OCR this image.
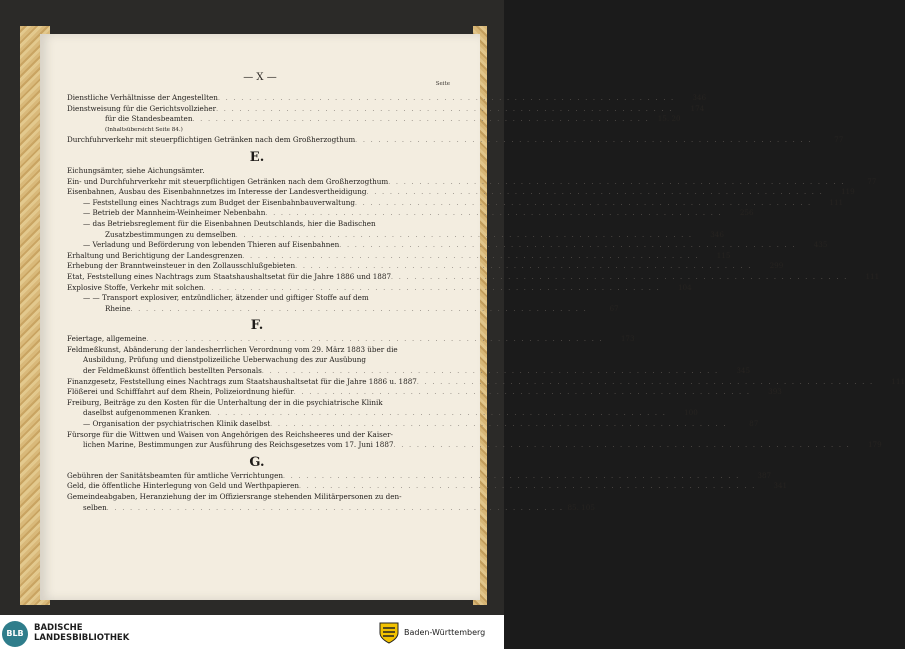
— X —
Seite
Dienstliche Verhältnisse der Angestellten . . . . . . . . . . . . . . . . . . . . . . . . . . . . . . . . . . . . . . . . . . . . . . . . . . . . . . . . . . .	346
Dienstweisung für die Gerichtsvollzieher . . . . . . . . . . . . . . . . . . . . . . . . . . . . . . . . . . . . . . . . . . . . . . . . . . . . . . . . . . .	174
für die Standesbeamten . . . . . . . . . . . . . . . . . . . . . . . . . . . . . . . . . . . . . . . . . . . . . . . . . . . . . . . . . . .	15. 20
(Inhaltsübersicht Seite 84.)
Durchfuhrverkehr mit steuerpflichtigen Getränken nach dem Großherzogthum . . . . . . . . . . . . . . . . . . . . . . . . . . . . . . . . . . . . . . . . . . . . . . . . . . . . . . . . . . .	77
E.
Eichungsämter, siehe Aichungsämter.
Ein- und Durchfuhrverkehr mit steuerpflichtigen Getränken nach dem Großherzogthum . . . . . . . . . . . . . . . . . . . . . . . . . . . . . . . . . . . . . . . . . . . . . . . . . . . . . . . . . . .	77
Eisenbahnen, Ausbau des Eisenbahnnetzes im Interesse der Landesvertheidigung . . . . . . . . . . . . . . . . . . . . . . . . . . . . . . . . . . . . . . . . . . . . . . . . . . . . . . . . . . .	119
— Feststellung eines Nachtrags zum Budget der Eisenbahnbauverwaltung . . . . . . . . . . . . . . . . . . . . . . . . . . . . . . . . . . . . . . . . . . . . . . . . . . . . . . . . . . .	111
— Betrieb der Mannheim-Weinheimer Nebenbahn . . . . . . . . . . . . . . . . . . . . . . . . . . . . . . . . . . . . . . . . . . . . . . . . . . . . . . . . . . .	256
— das Betriebsreglement für die Eisenbahnen Deutschlands, hier die Badischen
Zusatzbestimmungen zu demselben . . . . . . . . . . . . . . . . . . . . . . . . . . . . . . . . . . . . . . . . . . . . . . . . . . . . . . . . . . .	346
— Verladung und Beförderung von lebenden Thieren auf Eisenbahnen . . . . . . . . . . . . . . . . . . . . . . . . . . . . . . . . . . . . . . . . . . . . . . . . . . . . . . . . . . .	435
Erhaltung und Berichtigung der Landesgrenzen . . . . . . . . . . . . . . . . . . . . . . . . . . . . . . . . . . . . . . . . . . . . . . . . . . . . . . . . . . .	115
Erhebung der Branntweinsteuer in den Zollausschlußgebieten . . . . . . . . . . . . . . . . . . . . . . . . . . . . . . . . . . . . . . . . . . . . . . . . . . . . . . . . . . .	299
Etat, Feststellung eines Nachtrags zum Staatshaushaltsetat für die Jahre 1886 und 1887 . . . . . . . . . . . . . . . . . . . . . . . . . . . . . . . . . . . . . . . . . . . . . . . . . . . . . . . . . . .	111
Explosive Stoffe, Verkehr mit solchen . . . . . . . . . . . . . . . . . . . . . . . . . . . . . . . . . . . . . . . . . . . . . . . . . . . . . . . . . . .	104
— — Transport explosiver, entzündlicher, ätzender und giftiger Stoffe auf dem
Rheine . . . . . . . . . . . . . . . . . . . . . . . . . . . . . . . . . . . . . . . . . . . . . . . . . . . . . . . . . . .	67
F.
Feiertage, allgemeine . . . . . . . . . . . . . . . . . . . . . . . . . . . . . . . . . . . . . . . . . . . . . . . . . . . . . . . . . . .	173
Feldmeßkunst, Abänderung der landesherrlichen Verordnung vom 29. März 1883 über die
Ausbildung, Prüfung und dienstpolizeiliche Ueberwachung des zur Ausübung
der Feldmeßkunst öffentlich bestellten Personals . . . . . . . . . . . . . . . . . . . . . . . . . . . . . . . . . . . . . . . . . . . . . . . . . . . . . . . . . . .	345
Finanzgesetz, Feststellung eines Nachtrags zum Staatshaushaltsetat für die Jahre 1886 u. 1887 . . . . . . . . . . . . . . . . . . . . . . . . . . . . . . . . . . . . . . . . . . . . . . . . . . . . . . . . . . .	111
Flößerei und Schifffahrt auf dem Rhein, Polizeiordnung hiefür . . . . . . . . . . . . . . . . . . . . . . . . . . . . . . . . . . . . . . . . . . . . . . . . . . . . . . . . . . .	393
Freiburg, Beiträge zu den Kosten für die Unterhaltung der in die psychiatrische Klinik
daselbst aufgenommenen Kranken . . . . . . . . . . . . . . . . . . . . . . . . . . . . . . . . . . . . . . . . . . . . . . . . . . . . . . . . . . .	100
— Organisation der psychiatrischen Klinik daselbst . . . . . . . . . . . . . . . . . . . . . . . . . . . . . . . . . . . . . . . . . . . . . . . . . . . . . . . . . . .	87
Fürsorge für die Wittwen und Waisen von Angehörigen des Reichsheeres und der Kaiser-
lichen Marine, Bestimmungen zur Ausführung des Reichsgesetzes vom 17. Juni 1887 . . . . . . . . . . . . . . . . . . . . . . . . . . . . . . . . . . . . . . . . . . . . . . . . . . . . . . . . . . .	179
G.
Gebühren der Sanitätsbeamten für amtliche Verrichtungen . . . . . . . . . . . . . . . . . . . . . . . . . . . . . . . . . . . . . . . . . . . . . . . . . . . . . . . . . . .	387
Geld, die öffentliche Hinterlegung von Geld und Werthpapieren . . . . . . . . . . . . . . . . . . . . . . . . . . . . . . . . . . . . . . . . . . . . . . . . . . . . . . . . . . .	341
Gemeindeabgaben, Heranziehung der im Offiziersrange stehenden Militärpersonen zu den-
selben . . . . . . . . . . . . . . . . . . . . . . . . . . . . . . . . . . . . . . . . . . . . . . . . . . . . . . . . . . . 85. 105
BLB
BADISCHE
LANDESBIBLIOTHEK
Baden-Württemberg
